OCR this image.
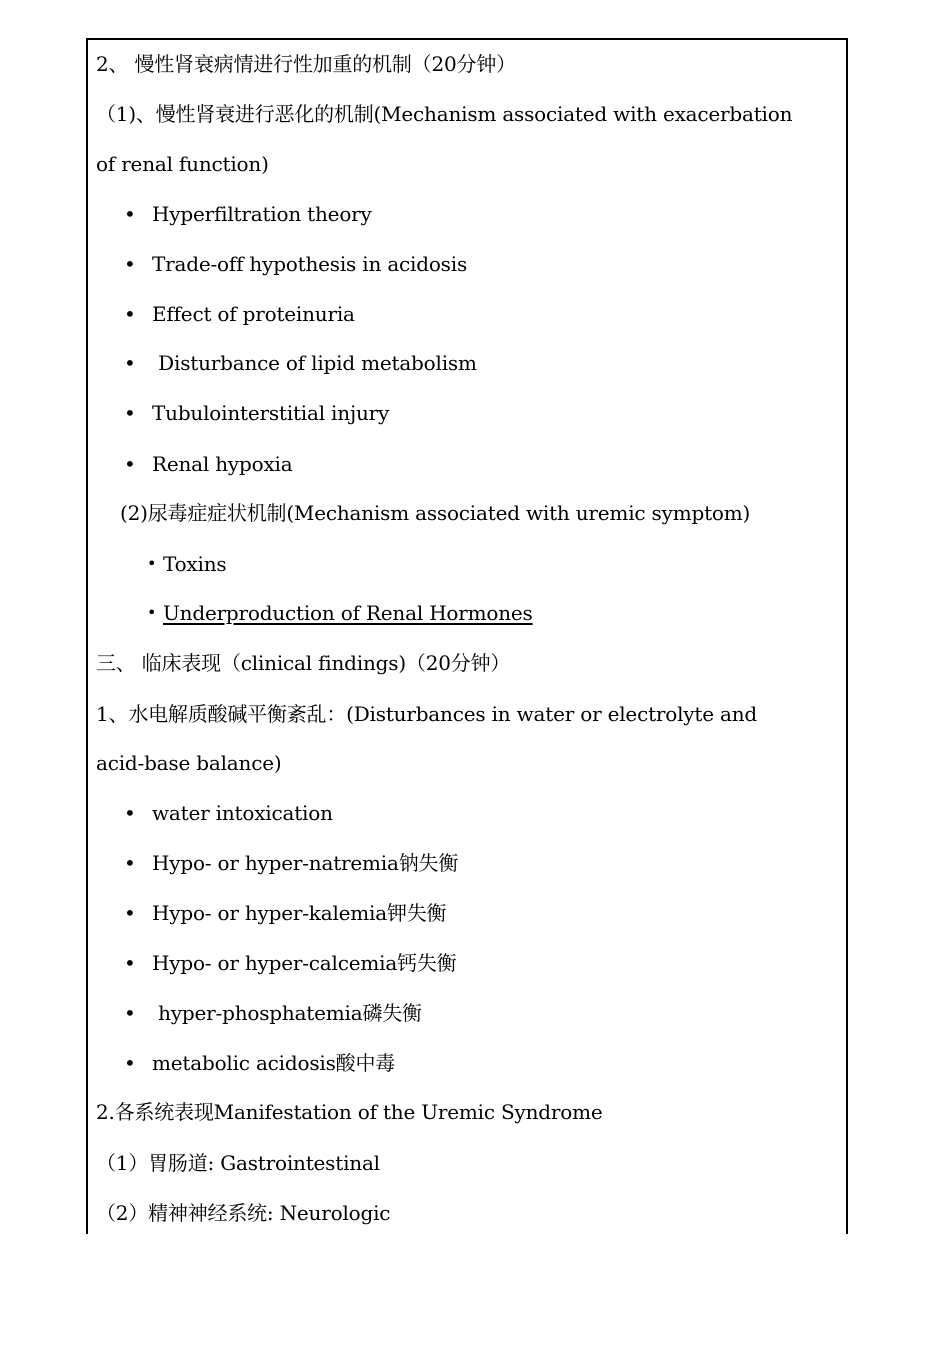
2、 慢性肾衰病情进行性加重的机制（20分钟）
（1)、慢性肾衰进行恶化的机制(Mechanism associated with exacerbation
of renal function)
• Hyperfiltration theory
• Trade-off hypothesis in acidosis
• Effect of proteinuria
• Disturbance of lipid metabolism
• Tubulointerstitial injury
• Renal hypoxia
(2)尿毒症症状机制(Mechanism associated with uremic symptom)
• Toxins
• Underproduction of Renal Hormones
三、 临床表现（clinical findings)（20分钟）
1、水电解质酸碱平衡紊乱：(Disturbances in water or electrolyte and
acid-base balance)
• water intoxication
• Hypo- or hyper-natremia钠失衡
• Hypo- or hyper-kalemia钾失衡
• Hypo- or hyper-calcemia钙失衡
• hyper-phosphatemia磷失衡
• metabolic acidosis酸中毒
2.各系统表现Manifestation of the Uremic Syndrome
（1）胃肠道: Gastrointestinal
（2）精神神经系统: Neurologic
